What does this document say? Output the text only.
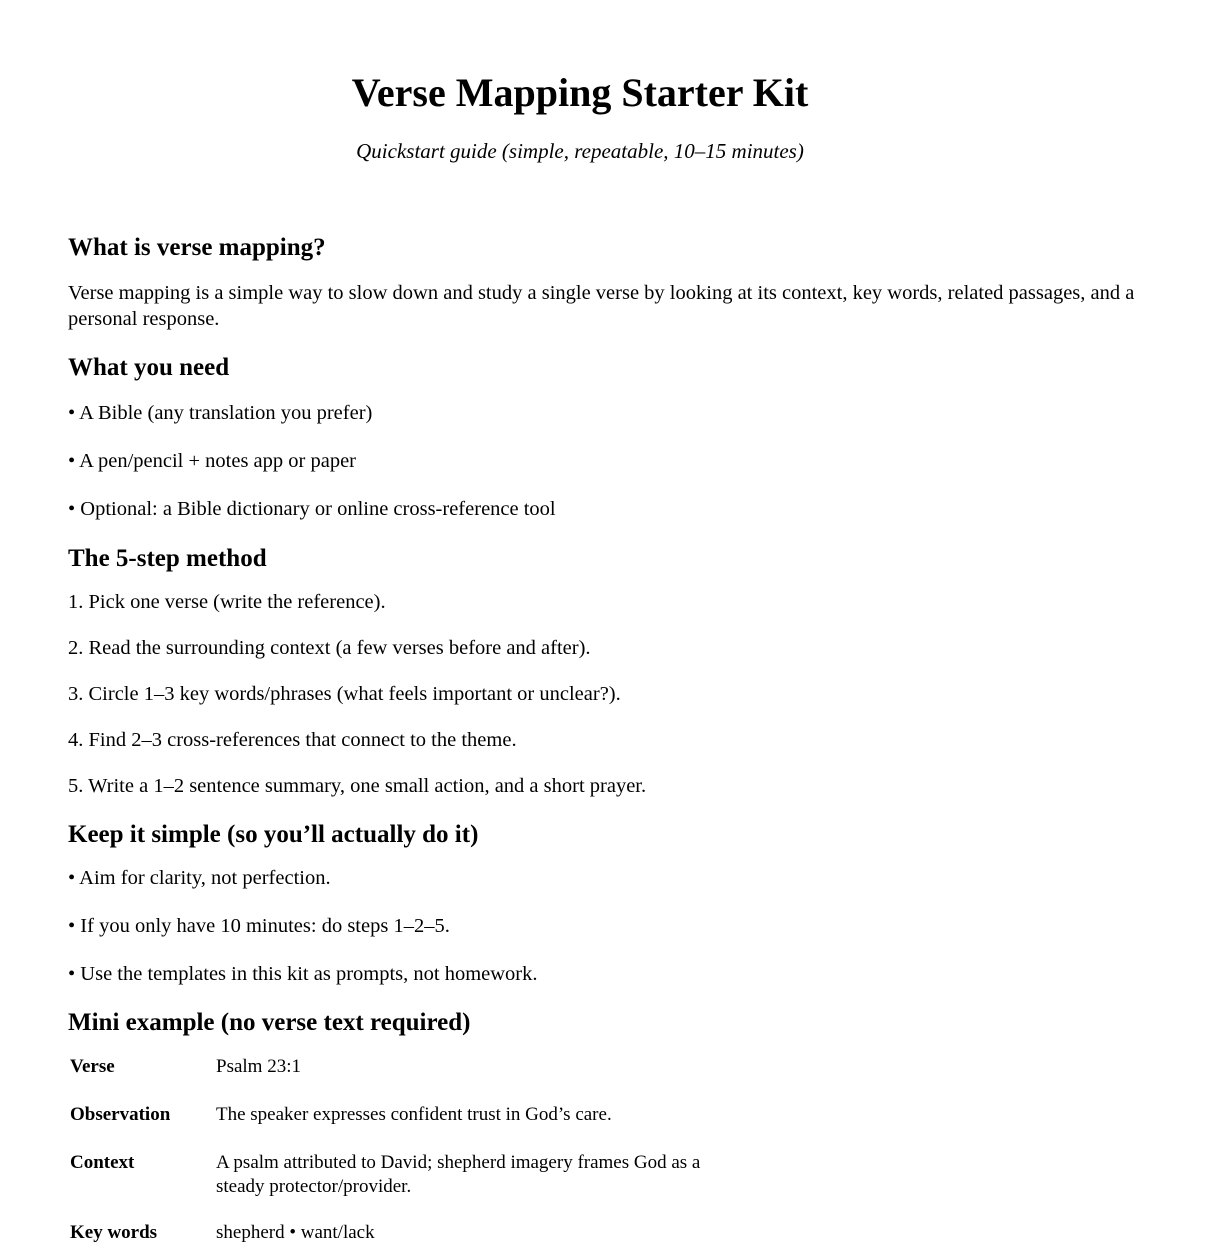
Verse Mapping Starter Kit

Quickstart guide (simple, repeatable, 10–15 minutes)

What is verse mapping?

Verse mapping is a simple way to slow down and study a single verse by looking at its context, key words, related passages, and a personal response.

What you need

• A Bible (any translation you prefer)

• A pen/pencil + notes app or paper

• Optional: a Bible dictionary or online cross-reference tool

The 5-step method

1. Pick one verse (write the reference).

2. Read the surrounding context (a few verses before and after).

3. Circle 1–3 key words/phrases (what feels important or unclear?).

4. Find 2–3 cross-references that connect to the theme.

5. Write a 1–2 sentence summary, one small action, and a short prayer.

Keep it simple (so you’ll actually do it)

• Aim for clarity, not perfection.

• If you only have 10 minutes: do steps 1–2–5.

• Use the templates in this kit as prompts, not homework.

Mini example (no verse text required)
Verse	Psalm 23:1
Observation	The speaker expresses confident trust in God’s care.
Context	A psalm attributed to David; shepherd imagery frames God as a steady protector/provider.
Key words	shepherd • want/lack
